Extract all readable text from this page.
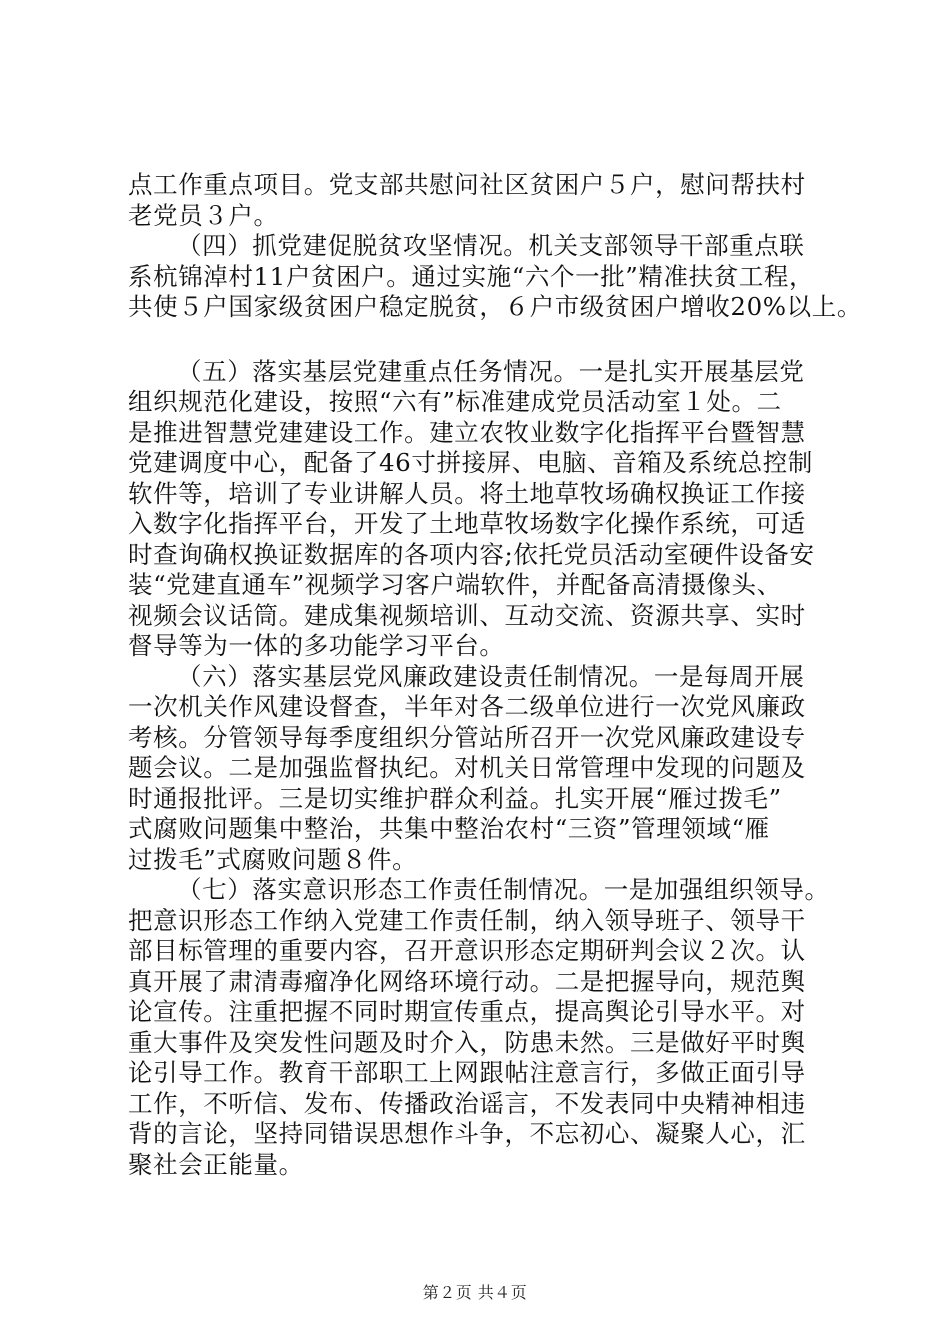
点工作重点项目。党支部共慰问社区贫困户５户，慰问帮扶村
老党员３户。
（四）抓党建促脱贫攻坚情况。机关支部领导干部重点联
系杭锦淖村11户贫困户。通过实施“六个一批”精准扶贫工程，
共使５户国家级贫困户稳定脱贫，６户市级贫困户增收20%以上。
（五）落实基层党建重点任务情况。一是扎实开展基层党
组织规范化建设，按照“六有”标准建成党员活动室１处。二
是推进智慧党建建设工作。建立农牧业数字化指挥平台暨智慧
党建调度中心，配备了46寸拼接屏、电脑、音箱及系统总控制
软件等，培训了专业讲解人员。将土地草牧场确权换证工作接
入数字化指挥平台，开发了土地草牧场数字化操作系统，可适
时查询确权换证数据库的各项内容;依托党员活动室硬件设备安
装“党建直通车”视频学习客户端软件，并配备高清摄像头、
视频会议话筒。建成集视频培训、互动交流、资源共享、实时
督导等为一体的多功能学习平台。
（六）落实基层党风廉政建设责任制情况。一是每周开展
一次机关作风建设督查，半年对各二级单位进行一次党风廉政
考核。分管领导每季度组织分管站所召开一次党风廉政建设专
题会议。二是加强监督执纪。对机关日常管理中发现的问题及
时通报批评。三是切实维护群众利益。扎实开展“雁过拨毛”
式腐败问题集中整治，共集中整治农村“三资”管理领域“雁
过拨毛”式腐败问题８件。
（七）落实意识形态工作责任制情况。一是加强组织领导。
把意识形态工作纳入党建工作责任制，纳入领导班子、领导干
部目标管理的重要内容，召开意识形态定期研判会议２次。认
真开展了肃清毒瘤净化网络环境行动。二是把握导向，规范舆
论宣传。注重把握不同时期宣传重点，提高舆论引导水平。对
重大事件及突发性问题及时介入，防患未然。三是做好平时舆
论引导工作。教育干部职工上网跟帖注意言行，多做正面引导
工作，不听信、发布、传播政治谣言，不发表同中央精神相违
背的言论，坚持同错误思想作斗争，不忘初心、凝聚人心，汇
聚社会正能量。
第２页 共４页
